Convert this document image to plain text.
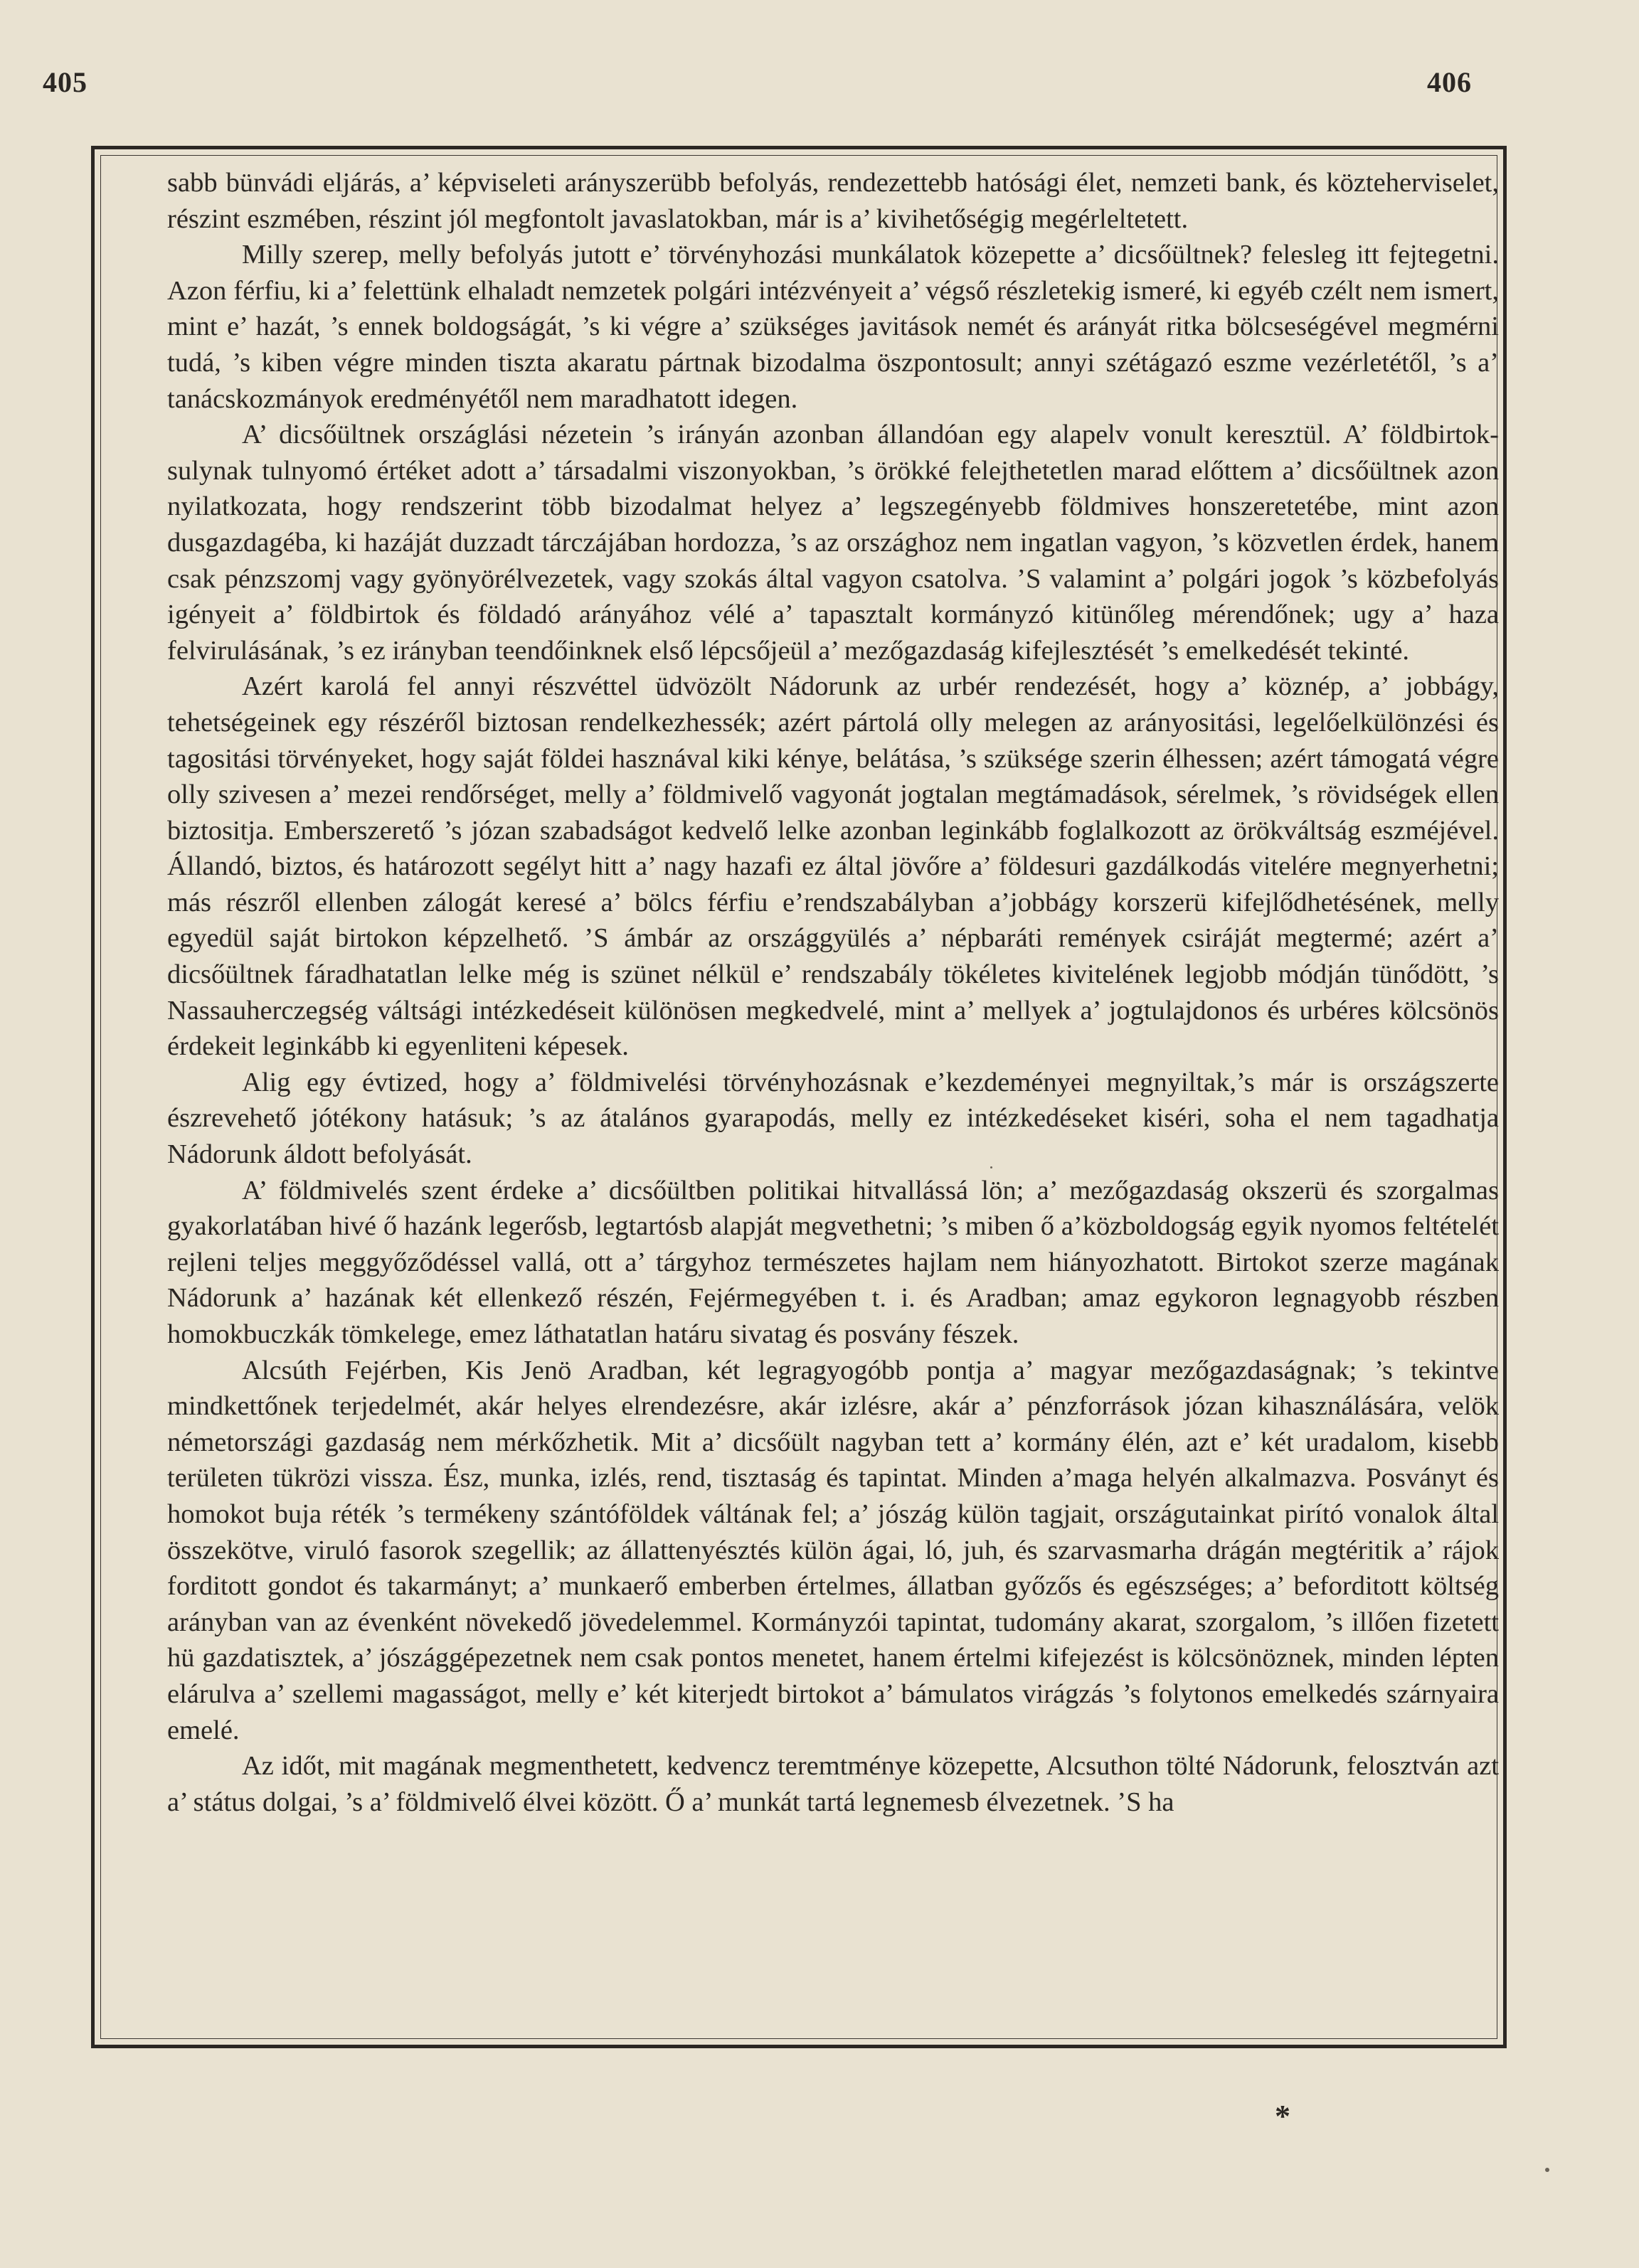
405	406

sabb bünvádi eljárás, a’ képviseleti arányszerübb befolyás, rendezettebb hatósági élet, nemzeti bank, és közteherviselet, részint eszmében, részint jól megfontolt javaslatokban, már is a’ kivihetőségig megérleltetett.

Milly szerep, melly befolyás jutott e’ törvényhozási munkálatok közepette a’ dicsőültnek? felesleg itt fejtegetni. Azon férfiu, ki a’ felettünk elhaladt nemzetek polgári intézvényeit a’ végső részletekig ismeré, ki egyéb czélt nem ismert, mint e’ hazát, ’s ennek boldogságát, ’s ki végre a’ szükséges javitások nemét és arányát ritka bölcseségével megmérni tudá, ’s kiben végre minden tiszta akaratu pártnak bizodalma öszpontosult; annyi szétágazó eszme vezérletétől, ’s a’ tanácskozmányok eredményétől nem maradhatott idegen.

A’ dicsőültnek országlási nézetein ’s irányán azonban állandóan egy alapelv vonult keresztül. A’ földbirtok-sulynak tulnyomó értéket adott a’ társadalmi viszonyokban, ’s örökké felejthetetlen marad előttem a’ dicsőültnek azon nyilatkozata, hogy rendszerint több bizodalmat helyez a’ legszegényebb földmives honszeretetébe, mint azon dusgazdagéba, ki hazáját duzzadt tárczájában hordozza, ’s az országhoz nem ingatlan vagyon, ’s közvetlen érdek, hanem csak pénzszomj vagy gyönyörélvezetek, vagy szokás által vagyon csatolva. ’S valamint a’ polgári jogok ’s közbefolyás igényeit a’ földbirtok és földadó arányához vélé a’ tapasztalt kormányzó kitünőleg mérendőnek; ugy a’ haza felvirulásának, ’s ez irányban teendőinknek első lépcsőjeül a’ mezőgazdaság kifejlesztését ’s emelkedését tekinté.

Azért karolá fel annyi részvéttel üdvözölt Nádorunk az urbér rendezését, hogy a’ köznép, a’ jobbágy, tehetségeinek egy részéről biztosan rendelkezhessék; azért pártolá olly melegen az arányositási, legelőelkülönzési és tagositási törvényeket, hogy saját földei hasznával kiki kénye, belátása, ’s szüksége szerin élhessen; azért támogatá végre olly szivesen a’ mezei rendőrséget, melly a’ földmivelő vagyonát jogtalan megtámadások, sérelmek, ’s rövidségek ellen biztositja. Emberszerető ’s józan szabadságot kedvelő lelke azonban leginkább foglalkozott az örökváltság eszméjével. Állandó, biztos, és határozott segélyt hitt a’ nagy hazafi ez által jövőre a’ földesuri gazdálkodás vitelére megnyerhetni; más részről ellenben zálogát keresé a’ bölcs férfiu e’rendszabályban a’jobbágy korszerü kifejlődhetésének, melly egyedül saját birtokon képzelhető. ’S ámbár az országgyülés a’ népbaráti remények csiráját megtermé; azért a’ dicsőültnek fáradhatatlan lelke még is szünet nélkül e’ rendszabály tökéletes kivitelének legjobb módján tünődött, ’s Nassauherczegség váltsági intézkedéseit különösen megkedvelé, mint a’ mellyek a’ jogtulajdonos és urbéres kölcsönös érdekeit leginkább ki egyenliteni képesek.

Alig egy évtized, hogy a’ földmivelési törvényhozásnak e’kezdeményei megnyiltak,’s már is országszerte észrevehető jótékony hatásuk; ’s az átalános gyarapodás, melly ez intézkedéseket kiséri, soha el nem tagadhatja Nádorunk áldott befolyását.

A’ földmivelés szent érdeke a’ dicsőültben politikai hitvallássá lön; a’ mezőgazdaság okszerü és szorgalmas gyakorlatában hivé ő hazánk legerősb, legtartósb alapját megvethetni; ’s miben ő a’közboldogság egyik nyomos feltételét rejleni teljes meggyőződéssel vallá, ott a’ tárgyhoz természetes hajlam nem hiányozhatott. Birtokot szerze magának Nádorunk a’ hazának két ellenkező részén, Fejérmegyében t. i. és Aradban; amaz egykoron legnagyobb részben homokbuczkák tömkelege, emez láthatatlan határu sivatag és posvány fészek.

Alcsúth Fejérben, Kis Jenö Aradban, két legragyogóbb pontja a’ magyar mezőgazdaságnak; ’s tekintve mindkettőnek terjedelmét, akár helyes elrendezésre, akár izlésre, akár a’ pénzforrások józan kihasználására, velök németországi gazdaság nem mérkőzhetik. Mit a’ dicsőült nagyban tett a’ kormány élén, azt e’ két uradalom, kisebb területen tükrözi vissza. Ész, munka, izlés, rend, tisztaság és tapintat. Minden a’maga helyén alkalmazva. Posványt és homokot buja réték ’s termékeny szántóföldek váltának fel; a’ jószág külön tagjait, országutainkat pirító vonalok által összekötve, viruló fasorok szegellik; az állattenyésztés külön ágai, ló, juh, és szarvasmarha drágán megtéritik a’ rájok forditott gondot és takarmányt; a’ munkaerő emberben értelmes, állatban győzős és egészséges; a’ beforditott költség arányban van az évenként növekedő jövedelemmel. Kormányzói tapintat, tudomány akarat, szorgalom, ’s illően fizetett hü gazdatisztek, a’ jószággépezetnek nem csak pontos menetet, hanem értelmi kifejezést is kölcsönöznek, minden lépten elárulva a’ szellemi magasságot, melly e’ két kiterjedt birtokot a’ bámulatos virágzás ’s folytonos emelkedés szárnyaira emelé.

Az időt, mit magának megmenthetett, kedvencz teremtménye közepette, Alcsuthon tölté Nádorunk, felosztván azt a’ státus dolgai, ’s a’ földmivelő élvei között. Ő a’ munkát tartá legnemesb élvezetnek. ’S ha

*
